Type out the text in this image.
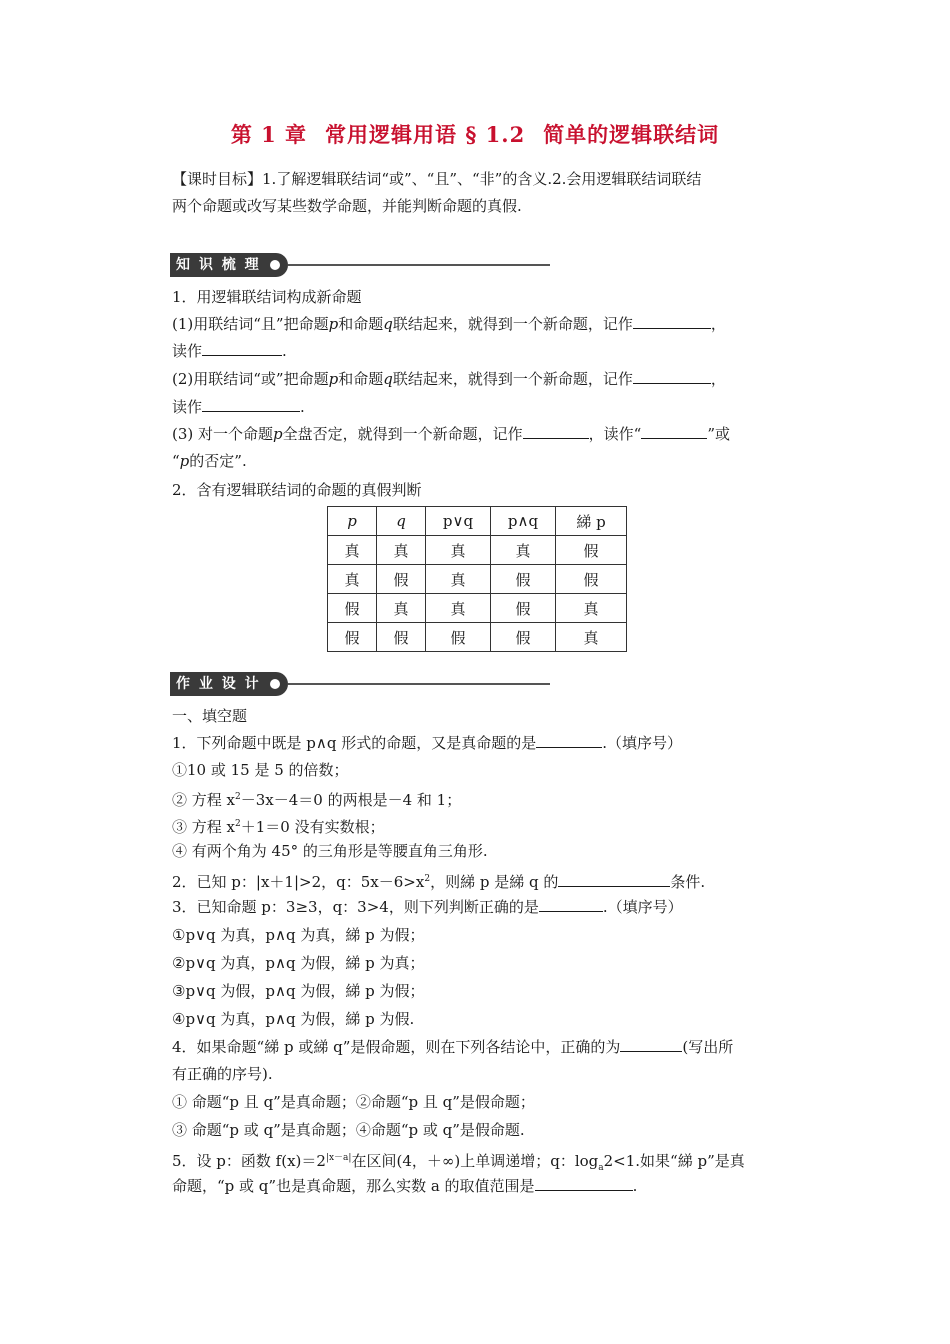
第 1 章 常用逻辑用语 § 1.2 简单的逻辑联结词
【课时目标】1.了解逻辑联结词“或”、“且”、“非”的含义.2.会用逻辑联结词联结
两个命题或改写某些数学命题，并能判断命题的真假.
知 识 梳 理
1．用逻辑联结词构成新命题
(1)用联结词“且”把命题p和命题q联结起来，就得到一个新命题，记作	，
读作	.
(2)用联结词“或”把命题p和命题q联结起来，就得到一个新命题，记作	，
读作	.
(3) 对一个命题p全盘否定，就得到一个新命题，记作	，读作“	”或
“p的否定”.
2．含有逻辑联结词的命题的真假判断
p	q	p∨q	p∧q	綈 p
真	真	真	真	假
真	假	真	假	假
假	真	真	假	真
假	假	假	假	真
作 业 设 计
一、填空题
1．下列命题中既是 p∧q 形式的命题，又是真命题的是	.（填序号）
①10 或 15 是 5 的倍数；
② 方程 $x^2-3x-4=0$ 的两根是－4 和 1；
③ 方程 $x^2+1=0$ 没有实数根；
④ 有两个角为 45° 的三角形是等腰直角三角形.
2．已知 p：|x＋1|>2，q：$5x-6>x^2$，则綈 p 是綈 q 的	条件.
3．已知命题 p：3≥3，q：3>4，则下列判断正确的是	.（填序号）
①p∨q 为真，p∧q 为真，綈 p 为假；
②p∨q 为真，p∧q 为假，綈 p 为真；
③p∨q 为假，p∧q 为假，綈 p 为假；
④p∨q 为真，p∧q 为假，綈 p 为假.
4．如果命题“綈 p 或綈 q”是假命题，则在下列各结论中，正确的为	(写出所
有正确的序号).
① 命题“p 且 q”是真命题；②命题“p 且 q”是假命题；
③ 命题“p 或 q”是真命题；④命题“p 或 q”是假命题.
5．设 p：函数 $f(x)=2^{|x-a|}$在区间(4，＋∞)上单调递增；q：$\log_a2<1$.如果“綈 p”是真
命题，“p 或 q”也是真命题，那么实数 a 的取值范围是	.
